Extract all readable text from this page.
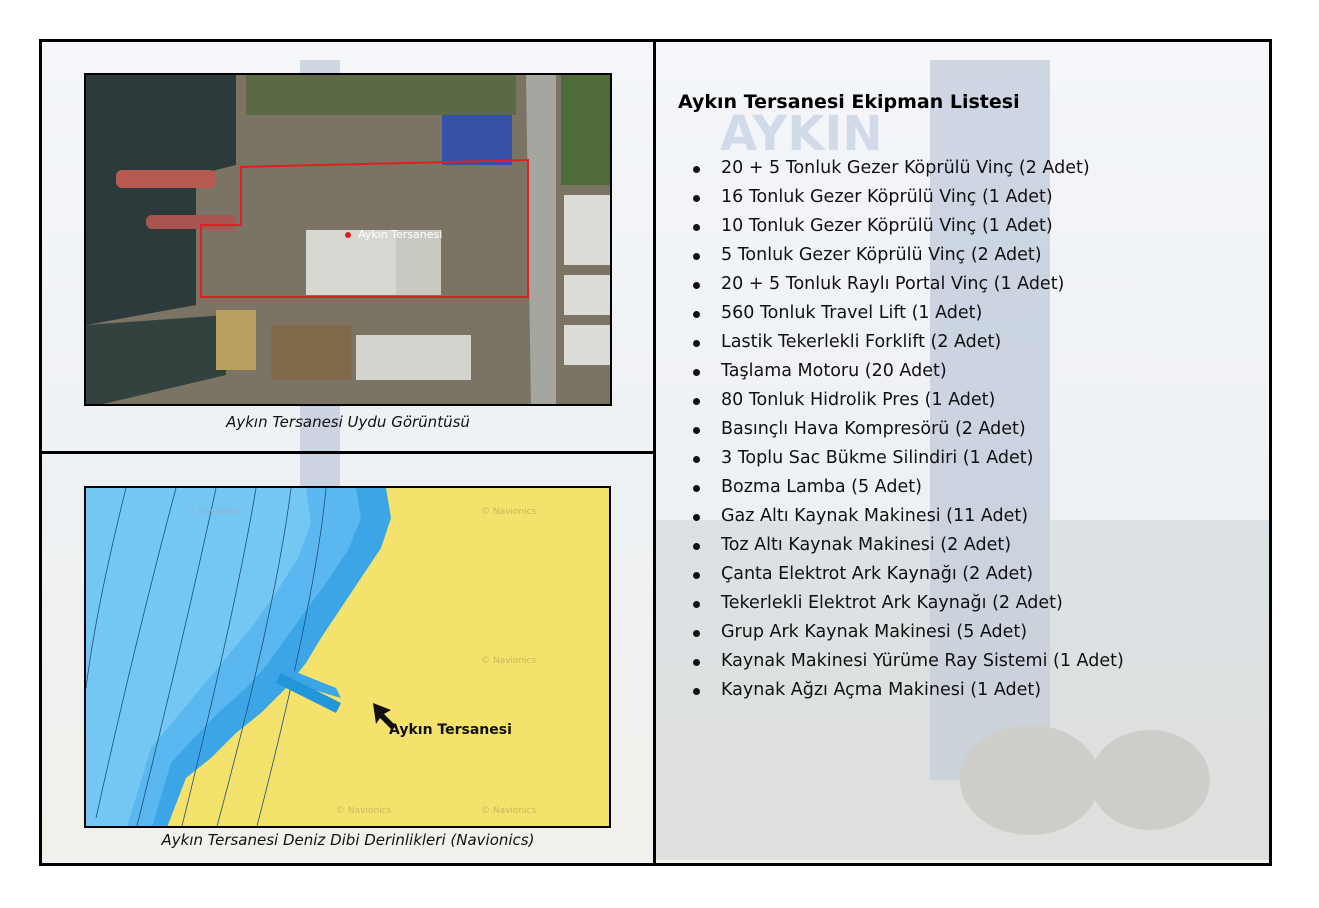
AYKIN
Aykın Tersanesi
Aykın Tersanesi Uydu Görüntüsü
© Navionics	© Navionics
© Navionics
© Navionics	© Navionics
Aykın Tersanesi
Aykın Tersanesi Deniz Dibi Derinlikleri (Navionics)
Aykın Tersanesi Ekipman Listesi
20 + 5 Tonluk Gezer Köprülü Vinç (2 Adet)
16 Tonluk Gezer Köprülü Vinç (1 Adet)
10 Tonluk Gezer Köprülü Vinç (1 Adet)
5 Tonluk Gezer Köprülü Vinç (2 Adet)
20 + 5 Tonluk Raylı Portal Vinç (1 Adet)
560 Tonluk Travel Lift (1 Adet)
Lastik Tekerlekli Forklift (2 Adet)
Taşlama Motoru (20 Adet)
80 Tonluk Hidrolik Pres (1 Adet)
Basınçlı Hava Kompresörü (2 Adet)
3 Toplu Sac Bükme Silindiri (1 Adet)
Bozma Lamba (5 Adet)
Gaz Altı Kaynak Makinesi (11 Adet)
Toz Altı Kaynak Makinesi (2 Adet)
Çanta Elektrot Ark Kaynağı (2 Adet)
Tekerlekli Elektrot Ark Kaynağı (2 Adet)
Grup Ark Kaynak Makinesi (5 Adet)
Kaynak Makinesi Yürüme Ray Sistemi (1 Adet)
Kaynak Ağzı Açma Makinesi (1 Adet)
